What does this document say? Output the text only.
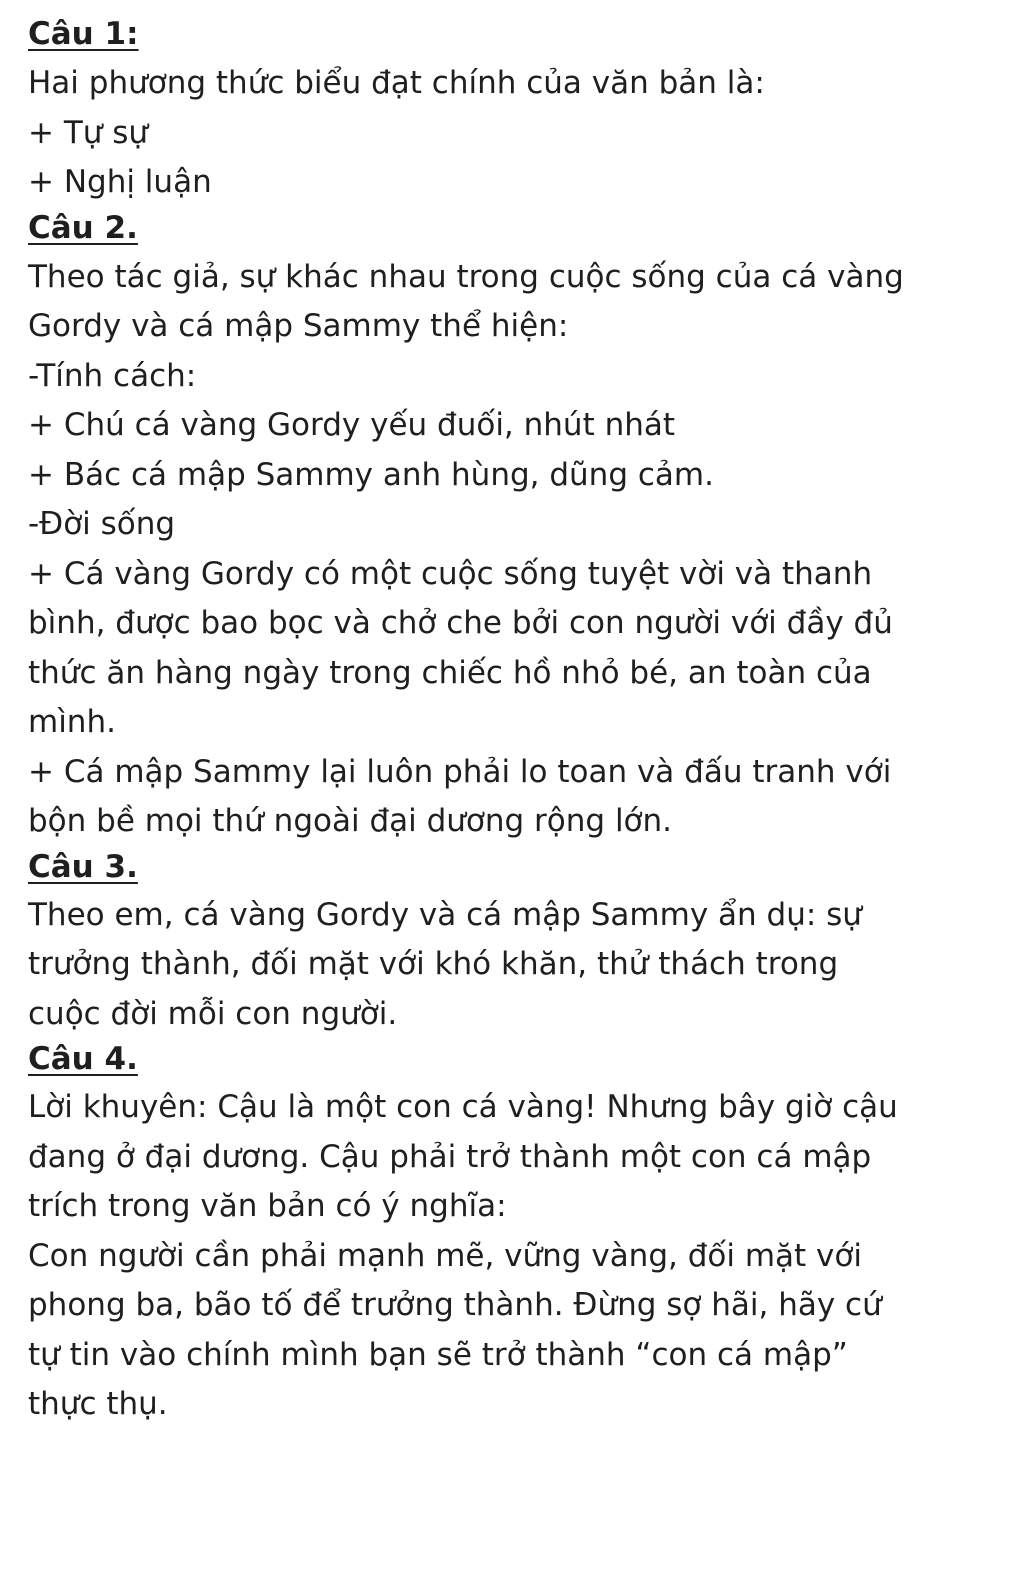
Câu 1:

Hai phương thức biểu đạt chính của văn bản là:

+ Tự sự

+ Nghị luận

Câu 2.

Theo tác giả, sự khác nhau trong cuộc sống của cá vàng

Gordy và cá mập Sammy thể hiện:

-Tính cách:

+ Chú cá vàng Gordy yếu đuối, nhút nhát

+ Bác cá mập Sammy anh hùng, dũng cảm.

-Đời sống

+ Cá vàng Gordy có một cuộc sống tuyệt vời và thanh

bình, được bao bọc và chở che bởi con người với đầy đủ

thức ăn hàng ngày trong chiếc hồ nhỏ bé, an toàn của

mình.

+ Cá mập Sammy lại luôn phải lo toan và đấu tranh với

bộn bề mọi thứ ngoài đại dương rộng lớn.

Câu 3.

Theo em, cá vàng Gordy và cá mập Sammy ẩn dụ: sự

trưởng thành, đối mặt với khó khăn, thử thách trong

cuộc đời mỗi con người.

Câu 4.

Lời khuyên: Cậu là một con cá vàng! Nhưng bây giờ cậu

đang ở đại dương. Cậu phải trở thành một con cá mập

trích trong văn bản có ý nghĩa:

Con người cần phải mạnh mẽ, vững vàng, đối mặt với

phong ba, bão tố để trưởng thành. Đừng sợ hãi, hãy cứ

tự tin vào chính mình bạn sẽ trở thành “con cá mập”

thực thụ.
